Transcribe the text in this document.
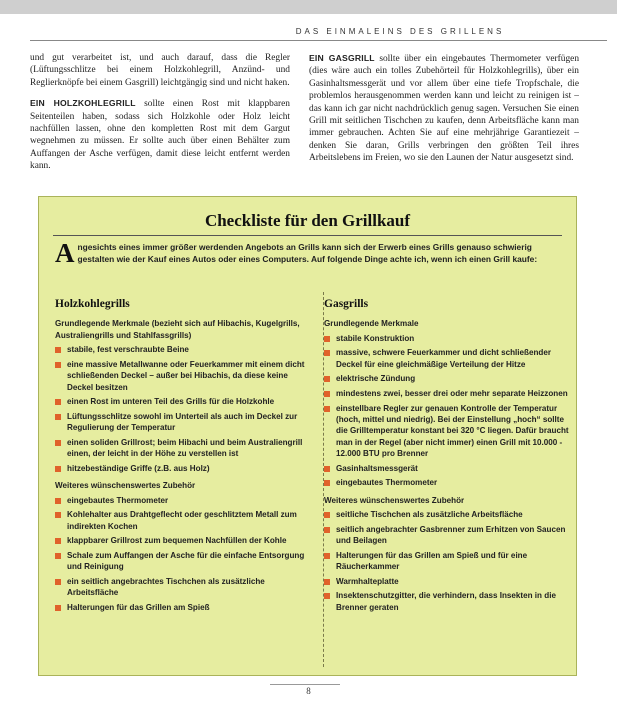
DAS EINMALEINS DES GRILLENS

und gut verarbeitet ist, und auch darauf, dass die Regler (Lüftungsschlitze bei einem Holzkohlegrill, Anzünd- und Reglierknöpfe bei einem Gasgrill) leichtgängig sind und nicht haken.

EIN HOLZKOHLEGRILL sollte einen Rost mit klappbaren Seitenteilen haben, sodass sich Holzkohle oder Holz leicht nachfüllen lassen, ohne den kompletten Rost mit dem Gargut wegnehmen zu müssen. Er sollte auch über einen Behälter zum Auffangen der Asche verfügen, damit diese leicht entfernt werden kann.

EIN GASGRILL sollte über ein eingebautes Thermometer verfügen (dies wäre auch ein tolles Zubehörteil für Holzkohlegrills), über ein Gasinhaltsmessgerät und vor allem über eine tiefe Tropfschale, die problemlos herausgenommen werden kann und leicht zu reinigen ist – das kann ich gar nicht nachdrücklich genug sagen. Versuchen Sie einen Grill mit seitlichen Tischchen zu kaufen, denn Arbeitsfläche kann man immer gebrauchen. Achten Sie auf eine mehrjährige Garantiezeit – denken Sie daran, Grills verbringen den größten Teil ihres Arbeitslebens im Freien, wo sie den Launen der Natur ausgesetzt sind.

Checkliste für den Grillkauf
Angesichts eines immer größer werdenden Angebots an Grills kann sich der Erwerb eines Grills genauso schwierig gestalten wie der Kauf eines Autos oder eines Computers. Auf folgende Dinge achte ich, wenn ich einen Grill kaufe:
Holzkohlegrills
Grundlegende Merkmale (bezieht sich auf Hibachis, Kugelgrills, Australiengrills und Stahlfassgrills)
stabile, fest verschraubte Beine
eine massive Metallwanne oder Feuerkammer mit einem dicht schließenden Deckel – außer bei Hibachis, da diese keine Deckel besitzen
einen Rost im unteren Teil des Grills für die Holzkohle
Lüftungsschlitze sowohl im Unterteil als auch im Deckel zur Regulierung der Temperatur
einen soliden Grillrost; beim Hibachi und beim Australiengrill einen, der leicht in der Höhe zu verstellen ist
hitzebeständige Griffe (z.B. aus Holz)
Weiteres wünschenswertes Zubehör
eingebautes Thermometer
Kohlehalter aus Drahtgeflecht oder geschlitztem Metall zum indirekten Kochen
klappbarer Grillrost zum bequemen Nachfüllen der Kohle
Schale zum Auffangen der Asche für die einfache Entsorgung und Reinigung
ein seitlich angebrachtes Tischchen als zusätzliche Arbeitsfläche
Halterungen für das Grillen am Spieß
Gasgrills
Grundlegende Merkmale
stabile Konstruktion
massive, schwere Feuerkammer und dicht schließender Deckel für eine gleichmäßige Verteilung der Hitze
elektrische Zündung
mindestens zwei, besser drei oder mehr separate Heizzonen
einstellbare Regler zur genauen Kontrolle der Temperatur (hoch, mittel und niedrig). Bei der Einstellung „hoch“ sollte die Grilltemperatur konstant bei 320 °C liegen. Dafür braucht man in der Regel (aber nicht immer) einen Grill mit 10.000 - 12.000 BTU pro Brenner
Gasinhaltsmessgerät
eingebautes Thermometer
Weiteres wünschenswertes Zubehör
seitliche Tischchen als zusätzliche Arbeitsfläche
seitlich angebrachter Gasbrenner zum Erhitzen von Saucen und Beilagen
Halterungen für das Grillen am Spieß und für eine Räucherkammer
Warmhalteplatte
Insektenschutzgitter, die verhindern, dass Insekten in die Brenner geraten
8
